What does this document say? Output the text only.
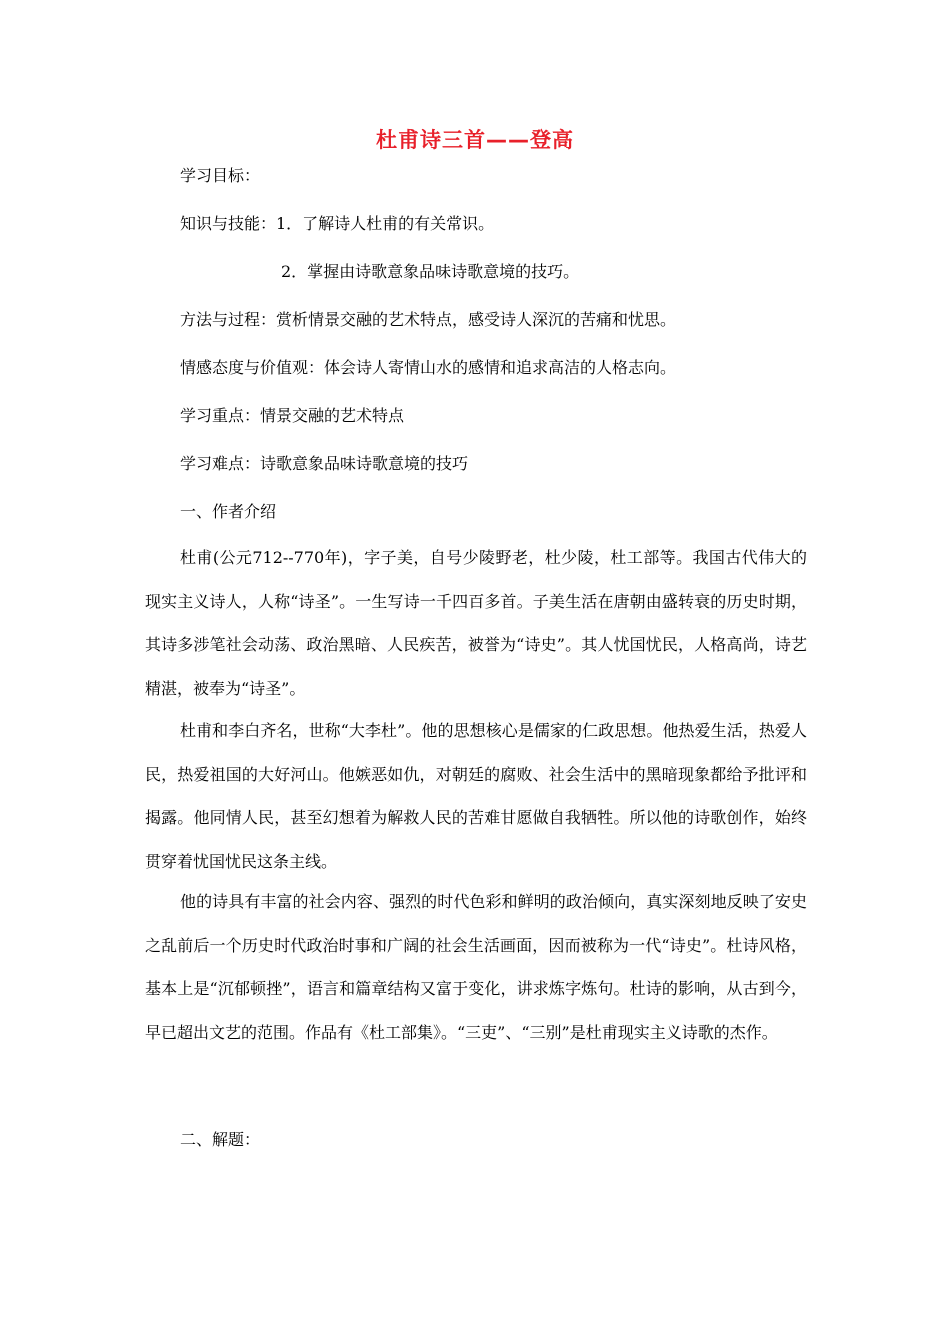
杜甫诗三首——登高
学习目标：
知识与技能：1．了解诗人杜甫的有关常识。
2．掌握由诗歌意象品味诗歌意境的技巧。
方法与过程：赏析情景交融的艺术特点，感受诗人深沉的苦痛和忧思。
情感态度与价值观：体会诗人寄情山水的感情和追求高洁的人格志向。
学习重点：情景交融的艺术特点
学习难点：诗歌意象品味诗歌意境的技巧
一、作者介绍
杜甫(公元712--770年)，字子美，自号少陵野老，杜少陵，杜工部等。我国古代伟大的现实主义诗人，人称“诗圣”。一生写诗一千四百多首。子美生活在唐朝由盛转衰的历史时期，其诗多涉笔社会动荡、政治黑暗、人民疾苦，被誉为“诗史”。其人忧国忧民，人格高尚，诗艺精湛，被奉为“诗圣”。
杜甫和李白齐名，世称“大李杜”。他的思想核心是儒家的仁政思想。他热爱生活，热爱人民，热爱祖国的大好河山。他嫉恶如仇，对朝廷的腐败、社会生活中的黑暗现象都给予批评和揭露。他同情人民，甚至幻想着为解救人民的苦难甘愿做自我牺牲。所以他的诗歌创作，始终贯穿着忧国忧民这条主线。
他的诗具有丰富的社会内容、强烈的时代色彩和鲜明的政治倾向，真实深刻地反映了安史之乱前后一个历史时代政治时事和广阔的社会生活画面，因而被称为一代“诗史”。杜诗风格，基本上是“沉郁顿挫”，语言和篇章结构又富于变化，讲求炼字炼句。杜诗的影响，从古到今，早已超出文艺的范围。作品有《杜工部集》。“三吏”、“三别”是杜甫现实主义诗歌的杰作。
二、解题：
